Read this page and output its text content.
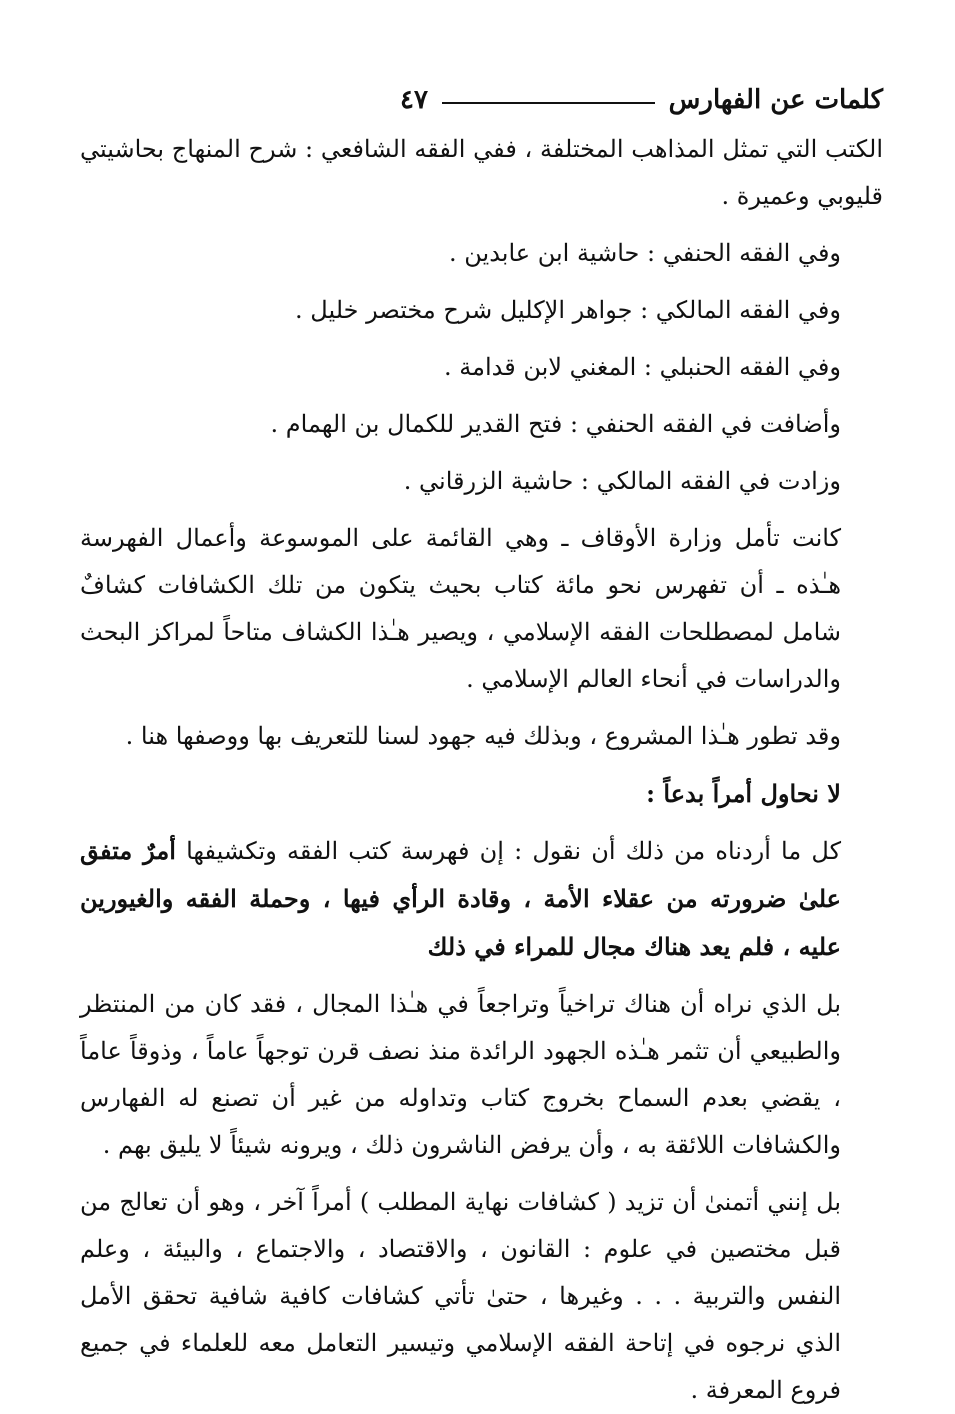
كلمات عن الفهارس
٤٧

الكتب التي تمثل المذاهب المختلفة ، ففي الفقه الشافعي : شرح المنهاج بحاشيتي قليوبي وعميرة .

وفي الفقه الحنفي : حاشية ابن عابدين .

وفي الفقه المالكي : جواهر الإكليل شرح مختصر خليل .

وفي الفقه الحنبلي : المغني لابن قدامة .

وأضافت في الفقه الحنفي : فتح القدير للكمال بن الهمام .

وزادت في الفقه المالكي : حاشية الزرقاني .

كانت تأمل وزارة الأوقاف ـ وهي القائمة على الموسوعة وأعمال الفهرسة هـٰذه ـ أن تفهرس نحو مائة كتاب بحيث يتكون من تلك الكشافات كشافٌ شامل لمصطلحات الفقه الإسلامي ، ويصير هـٰذا الكشاف متاحاً لمراكز البحث والدراسات في أنحاء العالم الإسلامي .

وقد تطور هـٰذا المشروع ، وبذلك فيه جهود لسنا للتعريف بها ووصفها هنا .

لا نحاول أمراً بدعاً :

كل ما أردناه من ذلك أن نقول : إن فهرسة كتب الفقه وتكشيفها أمرٌ متفق علىٰ ضرورته من عقلاء الأمة ، وقادة الرأي فيها ، وحملة الفقه والغيورين عليه ، فلم يعد هناك مجال للمراء في ذلك

بل الذي نراه أن هناك تراخياً وتراجعاً في هـٰذا المجال ، فقد كان من المنتظر والطبيعي أن تثمر هـٰذه الجهود الرائدة منذ نصف قرن توجهاً عاماً ، وذوقاً عاماً ، يقضي بعدم السماح بخروج كتاب وتداوله من غير أن تصنع له الفهارس والكشافات اللائقة به ، وأن يرفض الناشرون ذلك ، ويرونه شيئاً لا يليق بهم .

بل إنني أتمنىٰ أن تزيد ( كشافات نهاية المطلب ) أمراً آخر ، وهو أن تعالج من قبل مختصين في علوم : القانون ، والاقتصاد ، والاجتماع ، والبيئة ، وعلم النفس والتربية . . . وغيرها ، حتىٰ تأتي كشافات كافية شافية تحقق الأمل الذي نرجوه في إتاحة الفقه الإسلامي وتيسير التعامل معه للعلماء في جميع فروع المعرفة .
